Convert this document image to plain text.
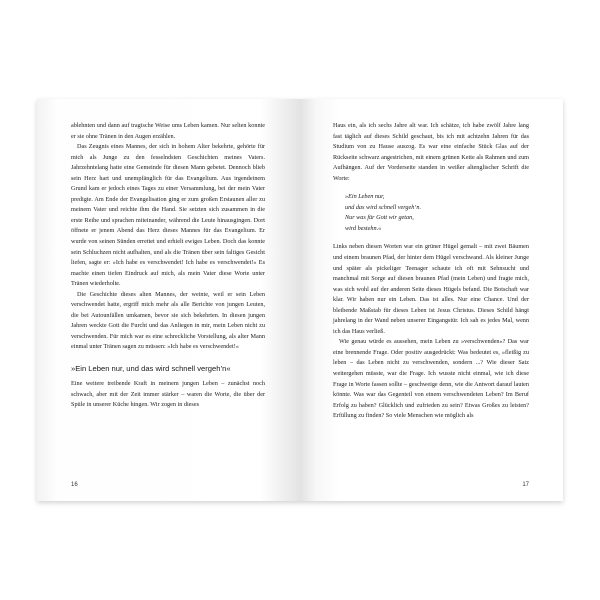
ablehnten und dann auf tragische Weise ums Leben kamen. Nur selten konnte er sie ohne Tränen in den Augen erzählen.

Das Zeugnis eines Mannes, der sich in hohem Alter bekehrte, gehörte für mich als Junge zu den fesselndsten Geschichten meines Vaters. Jahrzehntelang hatte eine Gemeinde für diesen Mann gebetet. Dennoch blieb sein Herz hart und unempfänglich für das Evangelium. Aus irgendeinem Grund kam er jedoch eines Tages zu einer Versammlung, bei der mein Vater predigte. Am Ende der Evangelisation ging er zum großen Erstaunen aller zu meinem Vater und reichte ihm die Hand. Sie setzten sich zusammen in die erste Reihe und sprachen miteinander, während die Leute hinausgingen. Dort öffnete er jenem Abend das Herz dieses Mannes für das Evangelium. Er wurde von seinen Sünden errettet und erhielt ewiges Leben. Doch das konnte sein Schluchzen nicht aufhalten, und als die Tränen über sein faltiges Gesicht liefen, sagte er: »Ich habe es verschwendet! Ich habe es verschwendet!« Es machte einen tiefen Eindruck auf mich, als mein Vater diese Worte unter Tränen wiederholte.

Die Geschichte dieses alten Mannes, der weinte, weil er sein Leben verschwendet hatte, ergriff mich mehr als alle Berichte von jungen Leuten, die bei Autounfällen umkamen, bevor sie sich bekehrten. In diesen jungen Jahren weckte Gott die Furcht und das Anliegen in mir, mein Leben nicht zu verschwenden. Für mich war es eine schreckliche Vorstellung, als alter Mann einmal unter Tränen sagen zu müssen: »Ich habe es verschwendet!«

»Ein Leben nur, und das wird schnell vergeh’n«

Eine weitere treibende Kraft in meinem jungen Leben – zunächst noch schwach, aber mit der Zeit immer stärker – waren die Worte, die über der Spüle in unserer Küche hingen. Wir zogen in dieses

16

Haus ein, als ich sechs Jahre alt war. Ich schätze, ich habe zwölf Jahre lang fast täglich auf dieses Schild geschaut, bis ich mit achtzehn Jahren für das Studium von zu Hause auszog. Es war eine einfache Stück Glas auf der Rückseite schwarz angestrichen, mit einem grünen Kette als Rahmen und zum Aufhängen. Auf der Vorderseite standen in weißer altenglischer Schrift die Worte:

»Ein Leben nur,
und das wird schnell vergeh’n.
Nur was für Gott wir getan,
wird bestehn.«

Links neben diesen Worten war ein grüner Hügel gemalt – mit zwei Bäumen und einem braunen Pfad, der hinter dem Hügel verschwand. Als kleiner Junge und später als pickeliger Teenager schaute ich oft mit Sehnsucht und manchmal mit Sorge auf diesen braunen Pfad (mein Leben) und fragte mich, was sich wohl auf der anderen Seite dieses Hügels befand. Die Botschaft war klar. Wir haben nur ein Leben. Das ist alles. Nur eine Chance. Und der bleibende Maßstab für dieses Leben ist Jesus Christus. Dieses Schild hängt jahrelang in der Wand neben unserer Eingangstür. Ich sah es jedes Mal, wenn ich das Haus verließ.

Wie genau würde es aussehen, mein Leben zu »verschwenden«? Das war eine brennende Frage. Oder positiv ausgedrückt: Was bedeutet es, »fleißig zu leben – das Leben nicht zu verschwenden, sondern ...? Wie dieser Satz weitergehen müsste, war die Frage. Ich wusste nicht einmal, wie ich diese Frage in Worte fassen sollte – geschweige denn, wie die Antwort darauf lauten könnte. Was war das Gegenteil von einem verschwendeten Leben? Im Beruf Erfolg zu haben? Glücklich und zufrieden zu sein? Etwas Großes zu leisten? Erfüllung zu finden? So viele Menschen wie möglich als

17
